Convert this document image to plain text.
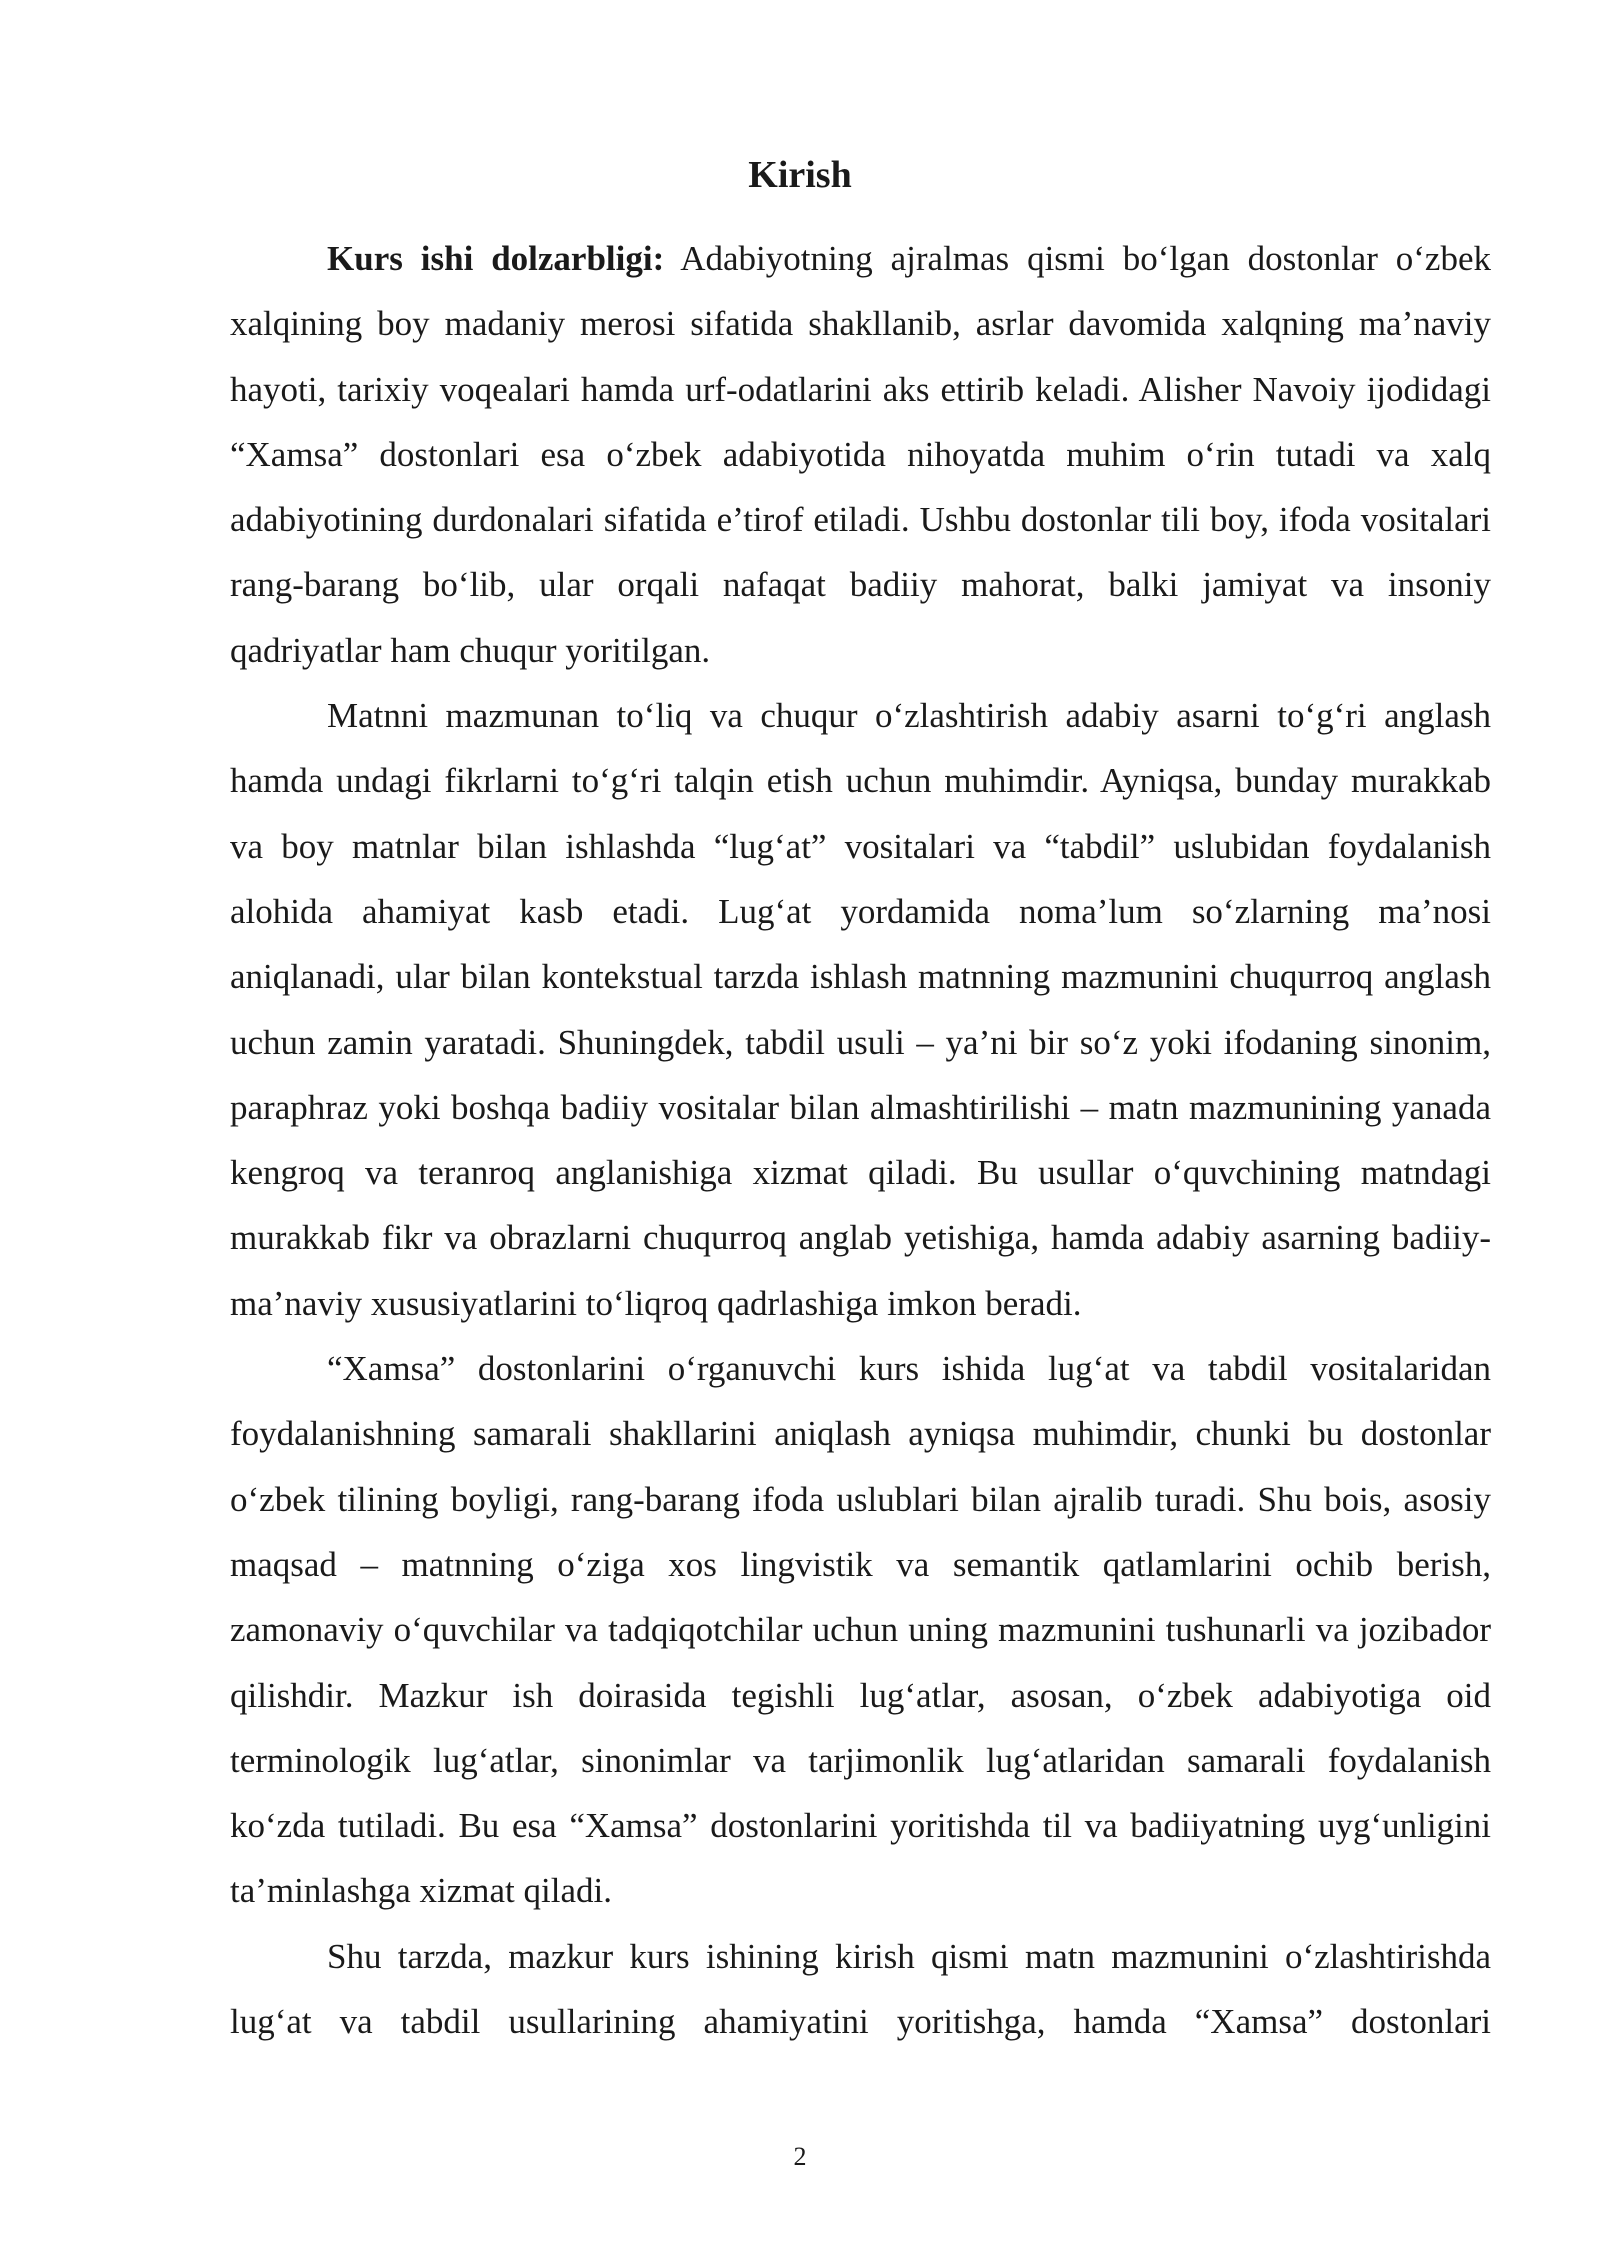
Kirish

Kurs ishi dolzarbligi: Adabiyotning ajralmas qismi bo‘lgan dostonlar o‘zbek xalqining boy madaniy merosi sifatida shakllanib, asrlar davomida xalqning ma’naviy hayoti, tarixiy voqealari hamda urf-odatlarini aks ettirib keladi. Alisher Navoiy ijodidagi “Xamsa” dostonlari esa o‘zbek adabiyotida nihoyatda muhim o‘rin tutadi va xalq adabiyotining durdonalari sifatida e’tirof etiladi. Ushbu dostonlar tili boy, ifoda vositalari rang-barang bo‘lib, ular orqali nafaqat badiiy mahorat, balki jamiyat va insoniy qadriyatlar ham chuqur yoritilgan.

Matnni mazmunan to‘liq va chuqur o‘zlashtirish adabiy asarni to‘g‘ri anglash hamda undagi fikrlarni to‘g‘ri talqin etish uchun muhimdir. Ayniqsa, bunday murakkab va boy matnlar bilan ishlashda “lug‘at” vositalari va “tabdil” uslubidan foydalanish alohida ahamiyat kasb etadi. Lug‘at yordamida noma’lum so‘zlarning ma’nosi aniqlanadi, ular bilan kontekstual tarzda ishlash matnning mazmunini chuqurroq anglash uchun zamin yaratadi. Shuningdek, tabdil usuli – ya’ni bir so‘z yoki ifodaning sinonim, paraphraz yoki boshqa badiiy vositalar bilan almashtirilishi – matn mazmunining yanada kengroq va teranroq anglanishiga xizmat qiladi. Bu usullar o‘quvchining matndagi murakkab fikr va obrazlarni chuqurroq anglab yetishiga, hamda adabiy asarning badiiy-ma’naviy xususiyatlarini to‘liqroq qadrlashiga imkon beradi.

“Xamsa” dostonlarini o‘rganuvchi kurs ishida lug‘at va tabdil vositalaridan foydalanishning samarali shakllarini aniqlash ayniqsa muhimdir, chunki bu dostonlar o‘zbek tilining boyligi, rang-barang ifoda uslublari bilan ajralib turadi. Shu bois, asosiy maqsad – matnning o‘ziga xos lingvistik va semantik qatlamlarini ochib berish, zamonaviy o‘quvchilar va tadqiqotchilar uchun uning mazmunini tushunarli va jozibador qilishdir. Mazkur ish doirasida tegishli lug‘atlar, asosan, o‘zbek adabiyotiga oid terminologik lug‘atlar, sinonimlar va tarjimonlik lug‘atlaridan samarali foydalanish ko‘zda tutiladi. Bu esa “Xamsa” dostonlarini yoritishda til va badiiyatning uyg‘unligini ta’minlashga xizmat qiladi.

Shu tarzda, mazkur kurs ishining kirish qismi matn mazmunini o‘zlashtirishda lug‘at va tabdil usullarining ahamiyatini yoritishga, hamda “Xamsa” dostonlari

2
